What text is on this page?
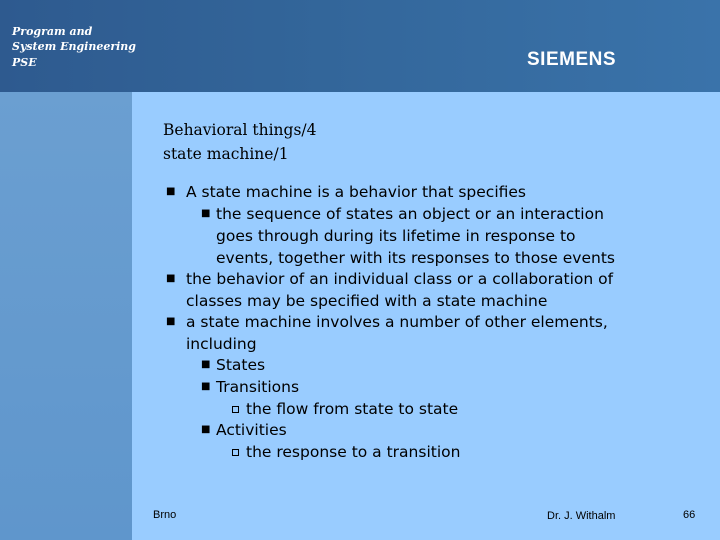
Program and
System Engineering
PSE	SIEMENS
Behavioral things/4
state machine/1
■ A state machine is a behavior that specifies
■ the sequence of states an object or an interaction
goes through during its lifetime in response to
events, together with its responses to those events
■ the behavior of an individual class or a collaboration of
classes may be specified with a state machine
■ a state machine involves a number of other elements,
including
■ States
■ Transitions
the flow from state to state
■ Activities
the response to a transition
Brno	Dr. J. Withalm	66
